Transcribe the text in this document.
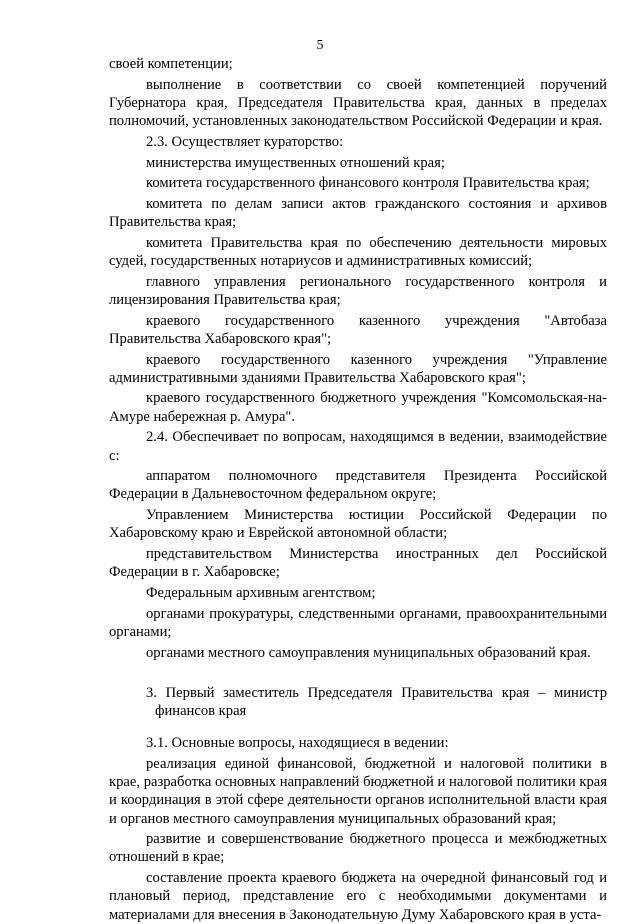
5

своей компетенции;

выполнение в соответствии со своей компетенцией поручений Губернатора края, Председателя Правительства края, данных в пределах полномочий, установленных законодательством Российской Федерации и края.

2.3. Осуществляет кураторство:

министерства имущественных отношений края;

комитета государственного финансового контроля Правительства края;

комитета по делам записи актов гражданского состояния и архивов Правительства края;

комитета Правительства края по обеспечению деятельности мировых судей, государственных нотариусов и административных комиссий;

главного управления регионального государственного контроля и лицензирования Правительства края;

краевого государственного казенного учреждения "Автобаза Правительства Хабаровского края";

краевого государственного казенного учреждения "Управление административными зданиями Правительства Хабаровского края";

краевого государственного бюджетного учреждения "Комсомольская-на-Амуре набережная р. Амура".

2.4. Обеспечивает по вопросам, находящимся в ведении, взаимодействие с:

аппаратом полномочного представителя Президента Российской Федерации в Дальневосточном федеральном округе;

Управлением Министерства юстиции Российской Федерации по Хабаровскому краю и Еврейской автономной области;

представительством Министерства иностранных дел Российской Федерации в г. Хабаровске;

Федеральным архивным агентством;

органами прокуратуры, следственными органами, правоохранительными органами;

органами местного самоуправления муниципальных образований края.

3. Первый заместитель Председателя Правительства края – министр
финансов края

3.1. Основные вопросы, находящиеся в ведении:

реализация единой финансовой, бюджетной и налоговой политики в крае, разработка основных направлений бюджетной и налоговой политики края и координация в этой сфере деятельности органов исполнительной власти края и органов местного самоуправления муниципальных образований края;

развитие и совершенствование бюджетного процесса и межбюджетных отношений в крае;

составление проекта краевого бюджета на очередной финансовый год и плановый период, представление его с необходимыми документами и материалами для внесения в Законодательную Думу Хабаровского края в уста-
